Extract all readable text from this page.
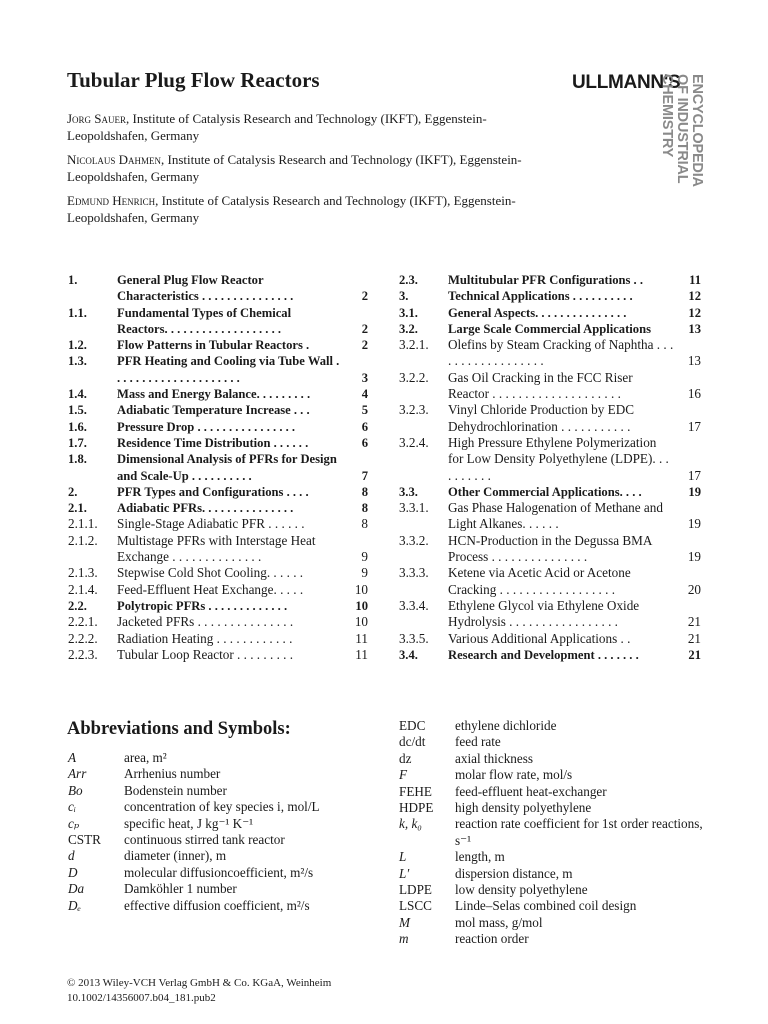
Tubular Plug Flow Reactors
Jorg Sauer , Institute of Catalysis Research and Technology (IKFT), Eggenstein-Leopoldshafen, Germany
Nicolaus Dahmen , Institute of Catalysis Research and Technology (IKFT), Eggenstein-Leopoldshafen, Germany
Edmund Henrich , Institute of Catalysis Research and Technology (IKFT), Eggenstein-Leopoldshafen, Germany
ULLMANN'S ENCYCLOPEDIA
OF INDUSTRIAL
CHEMISTRY
1.	General Plug Flow Reactor Characteristics . . . . . . . . . . . . . . .	2
1.1. Fundamental Types of Chemical Reactors. . . . . . . . . . . . . . . . . . .	2
1.2. Flow Patterns in Tubular Reactors .	2
1.3. PFR Heating and Cooling via Tube Wall . . . . . . . . . . . . . . . . . . . . .	3
1.4. Mass and Energy Balance. . . . . . . . .	4
1.5. Adiabatic Temperature Increase . . .	5
1.6. Pressure Drop . . . . . . . . . . . . . . . .	6
1.7. Residence Time Distribution . . . . . .	6
1.8. Dimensional Analysis of PFRs for Design and Scale-Up . . . . . . . . . .	7
2.	PFR Types and Configurations . . . .	8
2.1. Adiabatic PFRs. . . . . . . . . . . . . . .	8
2.1.1. Single-Stage Adiabatic PFR . . . . . .	8
2.1.2. Multistage PFRs with Interstage Heat Exchange . . . . . . . . . . . . . .	9
2.1.3. Stepwise Cold Shot Cooling. . . . . .	9
2.1.4. Feed-Effluent Heat Exchange. . . . .	10
2.2. Polytropic PFRs . . . . . . . . . . . . .	10
2.2.1. Jacketed PFRs . . . . . . . . . . . . . . .	10
2.2.2. Radiation Heating . . . . . . . . . . . .	11
2.2.3. Tubular Loop Reactor . . . . . . . . .	11
2.3. Multitubular PFR Configurations . .	11
3.	Technical Applications . . . . . . . . . .	12
3.1. General Aspects. . . . . . . . . . . . . . .	12
3.2. Large Scale Commercial Applications	13
3.2.1. Olefins by Steam Cracking of Naphtha . . . . . . . . . . . . . . . . . .	13
3.2.2. Gas Oil Cracking in the FCC Riser Reactor . . . . . . . . . . . . . . . . . . . .	16
3.2.3. Vinyl Chloride Production by EDC Dehydrochlorination . . . . . . . . . . .	17
3.2.4. High Pressure Ethylene Polymerization for Low Density Polyethylene (LDPE). . . . . . . . . .	17
3.3. Other Commercial Applications. . . .	19
3.3.1. Gas Phase Halogenation of Methane and Light Alkanes. . . . . .	19
3.3.2. HCN-Production in the Degussa BMA Process . . . . . . . . . . . . . . .	19
3.3.3. Ketene via Acetic Acid or Acetone Cracking . . . . . . . . . . . . . . . . . .	20
3.3.4. Ethylene Glycol via Ethylene Oxide Hydrolysis . . . . . . . . . . . . . . . . .	21
3.3.5. Various Additional Applications . .	21
3.4. Research and Development . . . . . . .	21
Abbreviations and Symbols:
A	area, m²
Arr	Arrhenius number
Bo	Bodenstein number
cᵢ	concentration of key species i, mol/L
cₚ	specific heat, J kg⁻¹ K⁻¹
CSTR continuous stirred tank reactor
d	diameter (inner), m
D	molecular diffusioncoefficient, m²/s
Da	Damköhler 1 number
Dₑ	effective diffusion coefficient, m²/s
EDC ethylene dichloride
dc/dt feed rate
dz	axial thickness
F	molar flow rate, mol/s
FEHE feed-effluent heat-exchanger
HDPE high density polyethylene
k, k₀	reaction rate coefficient for 1st order reactions, s⁻¹
L	length, m
L′	dispersion distance, m
LDPE low density polyethylene
LSCC Linde–Selas combined coil design
M	mol mass, g/mol
m	reaction order
© 2013 Wiley-VCH Verlag GmbH & Co. KGaA, Weinheim
10.1002/14356007.b04_181.pub2
